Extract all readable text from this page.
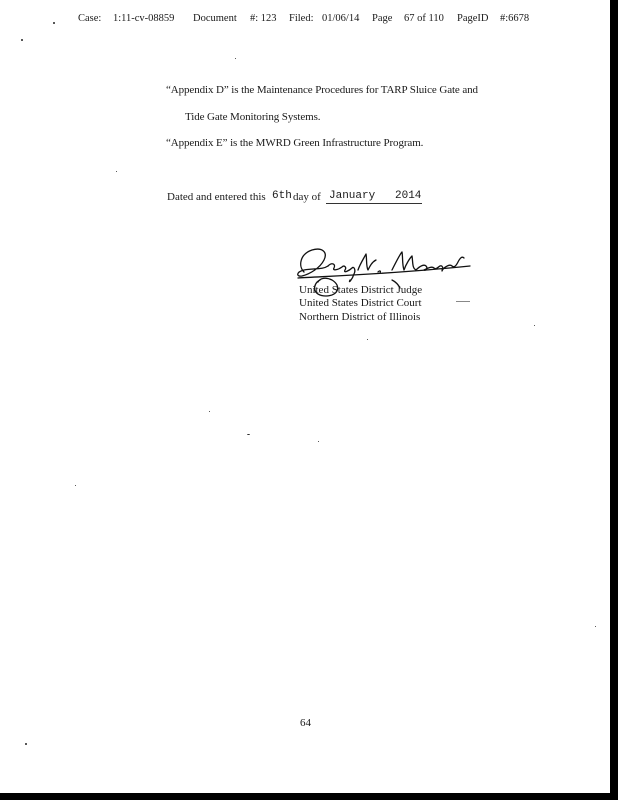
Case: 1:11-cv-08859 Document #: 123 Filed: 01/06/14 Page 67 of 110 PageID #:6678
“Appendix D” is the Maintenance Procedures for TARP Sluice Gate and
Tide Gate Monitoring Systems.
“Appendix E” is the MWRD Green Infrastructure Program.
Dated and entered this 6th day of January 2014
United States District Judge
United States District Court
Northern District of Illinois
64
